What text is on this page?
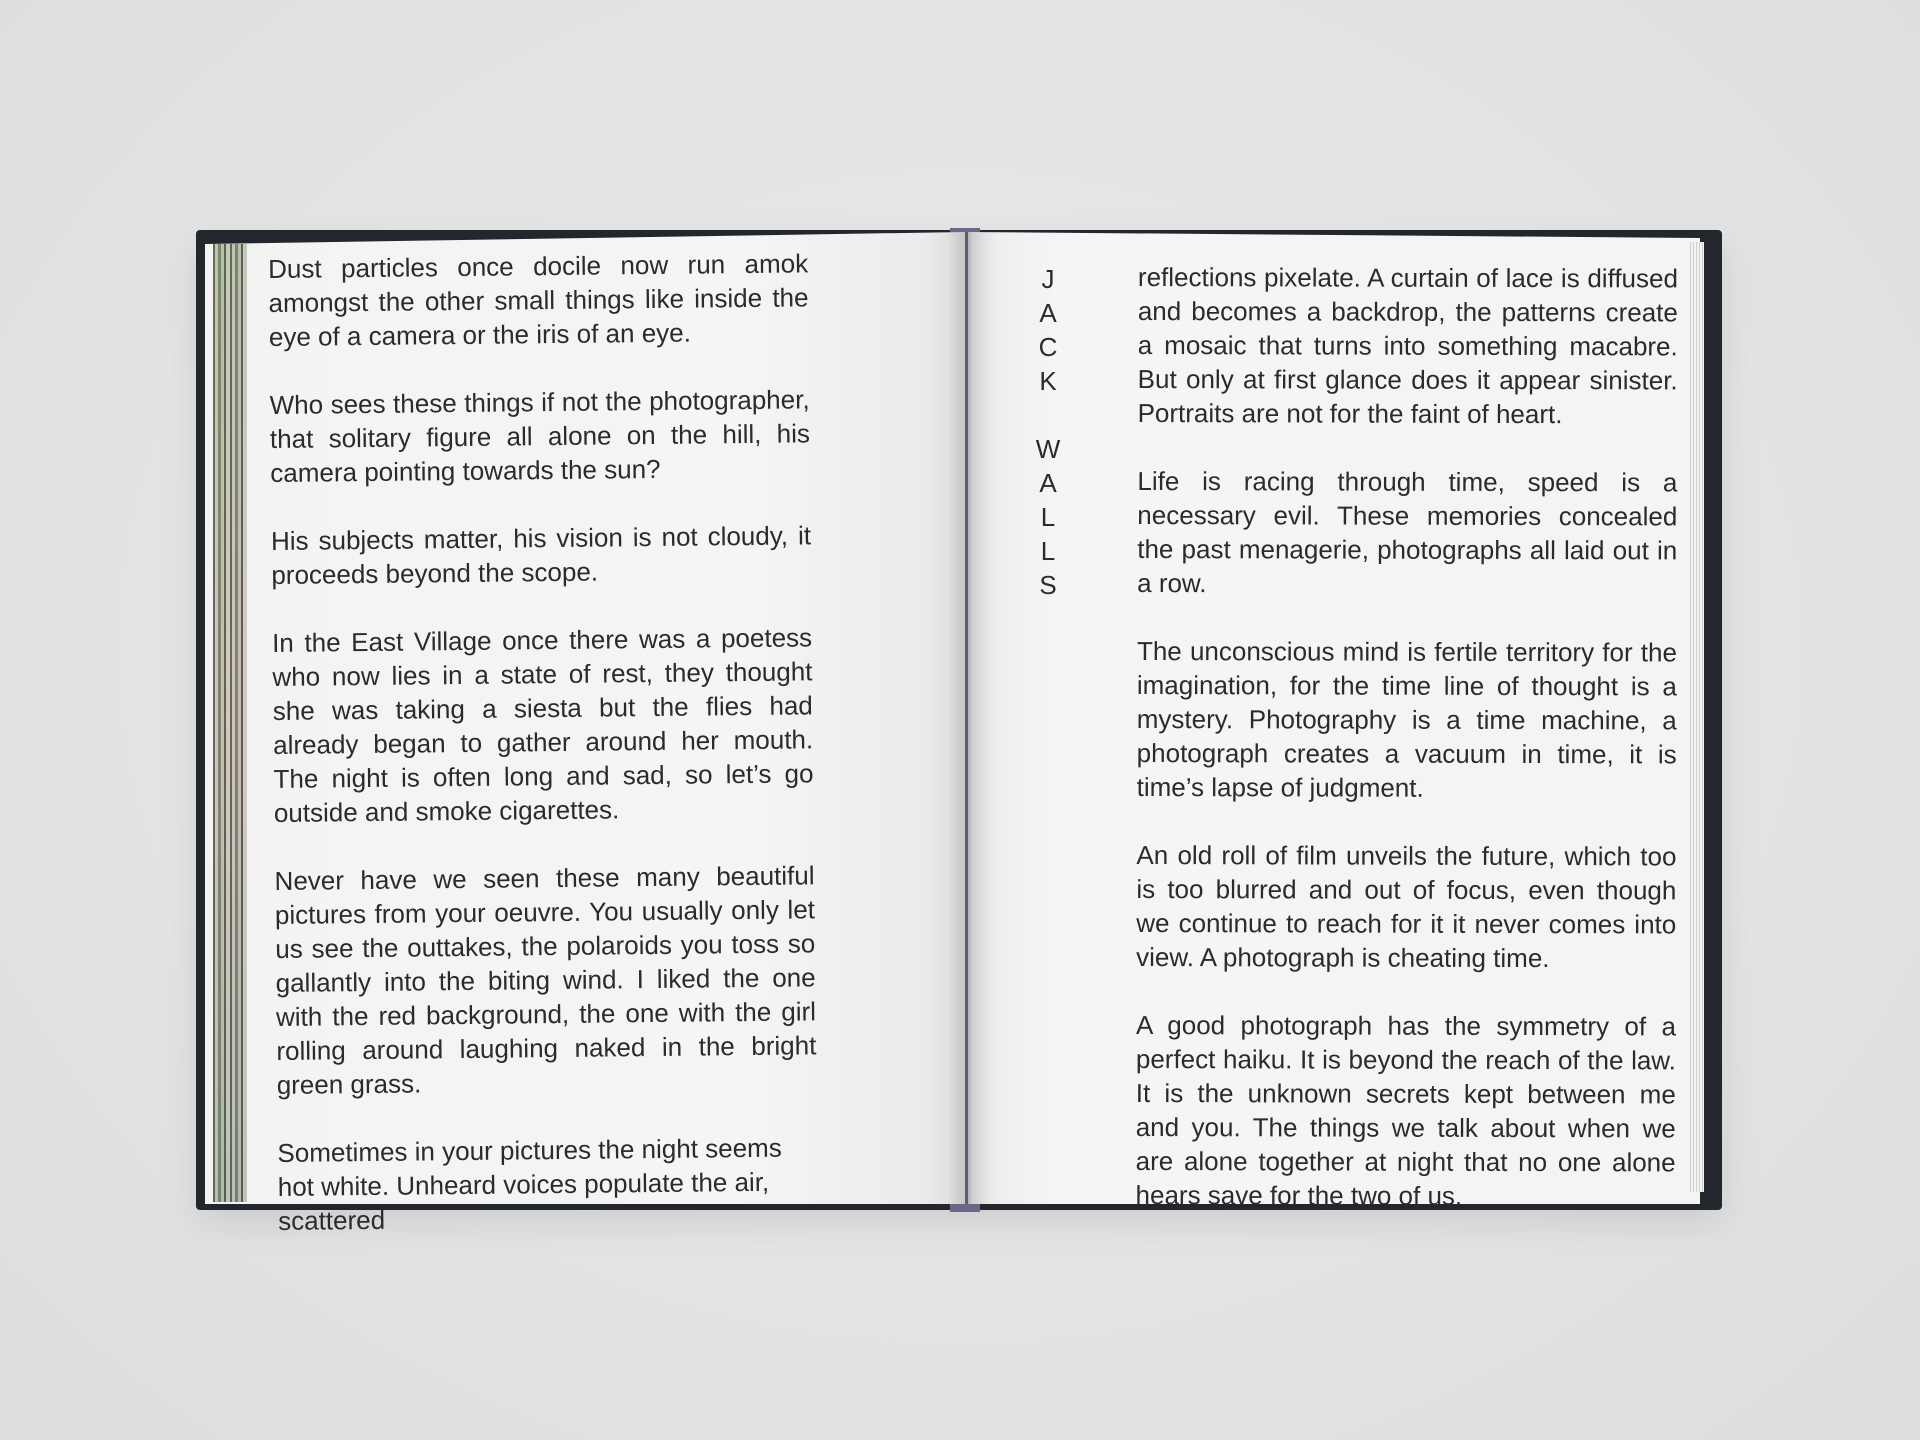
Dust particles once docile now run amok amongst the other small things like inside the eye of a camera or the iris of an eye.

Who sees these things if not the photographer, that solitary figure all alone on the hill, his camera pointing towards the sun?

His subjects matter, his vision is not cloudy, it proceeds beyond the scope.

In the East Village once there was a poetess who now lies in a state of rest, they thought she was taking a siesta but the flies had already began to gather around her mouth. The night is often long and sad, so let’s go outside and smoke cigarettes.

Never have we seen these many beautiful pictures from your oeuvre. You usually only let us see the outtakes, the polaroids you toss so gallantly into the biting wind. I liked the one with the red background, the one with the girl rolling around laughing naked in the bright green grass.

Sometimes in your pictures the night seems hot white. Unheard voices populate the air, scattered

J
A
C
K
W
A
L
L
S

reflections pixelate. A curtain of lace is diffused and becomes a backdrop, the patterns create a mosaic that turns into something macabre. But only at first glance does it appear sinister. Portraits are not for the faint of heart.

Life is racing through time, speed is a necessary evil. These memories concealed the past menagerie, photographs all laid out in a row.

The unconscious mind is fertile territory for the imagination, for the time line of thought is a mystery. Photography is a time machine, a photograph creates a vacuum in time, it is time’s lapse of judgment.

An old roll of film unveils the future, which too is too blurred and out of focus, even though we continue to reach for it it never comes into view. A photograph is cheating time.

A good photograph has the symmetry of a perfect haiku. It is beyond the reach of the law. It is the unknown secrets kept between me and you. The things we talk about when we are alone together at night that no one alone hears save for the two of us.
